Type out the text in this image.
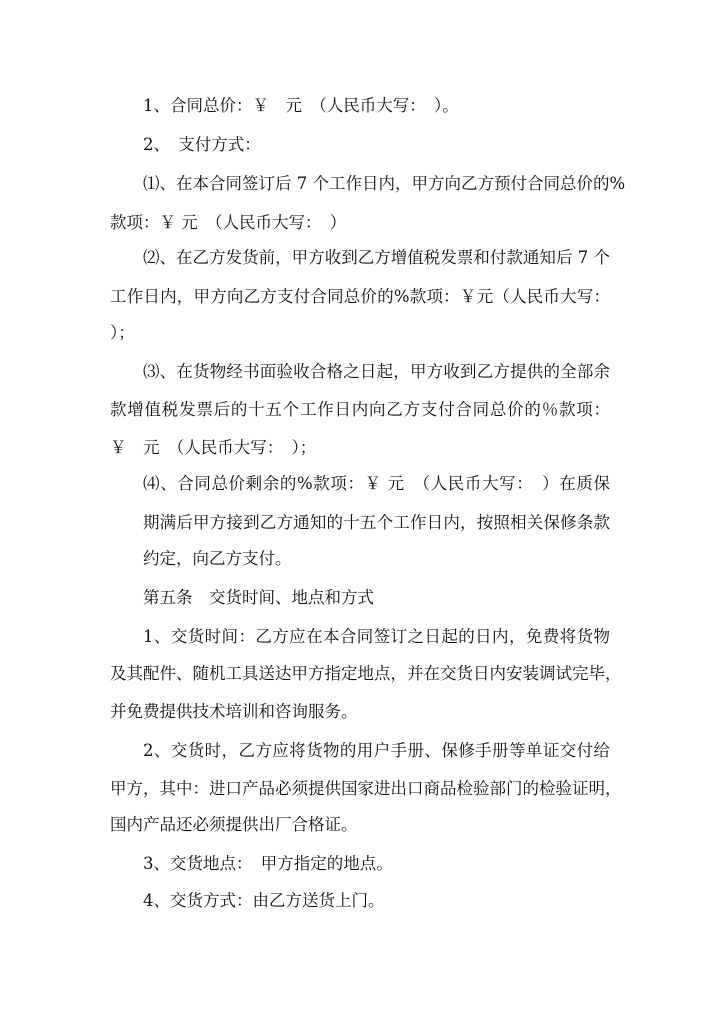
1、合同总价：￥　元　（人民币大写：　）。
2、　支付方式：
⑴、在本合同签订后 7 个工作日内，甲方向乙方预付合同总价的%
款项：￥ 元　（人民币大写：　）
⑵、在乙方发货前，甲方收到乙方增值税发票和付款通知后 7 个
工作日内，甲方向乙方支付合同总价的%款项：￥元（人民币大写：
）；
⑶、在货物经书面验收合格之日起，甲方收到乙方提供的全部余
款增值税发票后的十五个工作日内向乙方支付合同总价的％款项：
￥　元　（人民币大写：　）；
⑷、合同总价剩余的%款项：￥ 元　（人民币大写：　）在质保
期满后甲方接到乙方通知的十五个工作日内，按照相关保修条款
约定，向乙方支付。
第五条　交货时间、地点和方式
1、交货时间：乙方应在本合同签订之日起的日内，免费将货物
及其配件、随机工具送达甲方指定地点，并在交货日内安装调试完毕，
并免费提供技术培训和咨询服务。
2、交货时，乙方应将货物的用户手册、保修手册等单证交付给
甲方，其中：进口产品必须提供国家进出口商品检验部门的检验证明，
国内产品还必须提供出厂合格证。
3、交货地点：　甲方指定的地点。
4、交货方式：由乙方送货上门。
